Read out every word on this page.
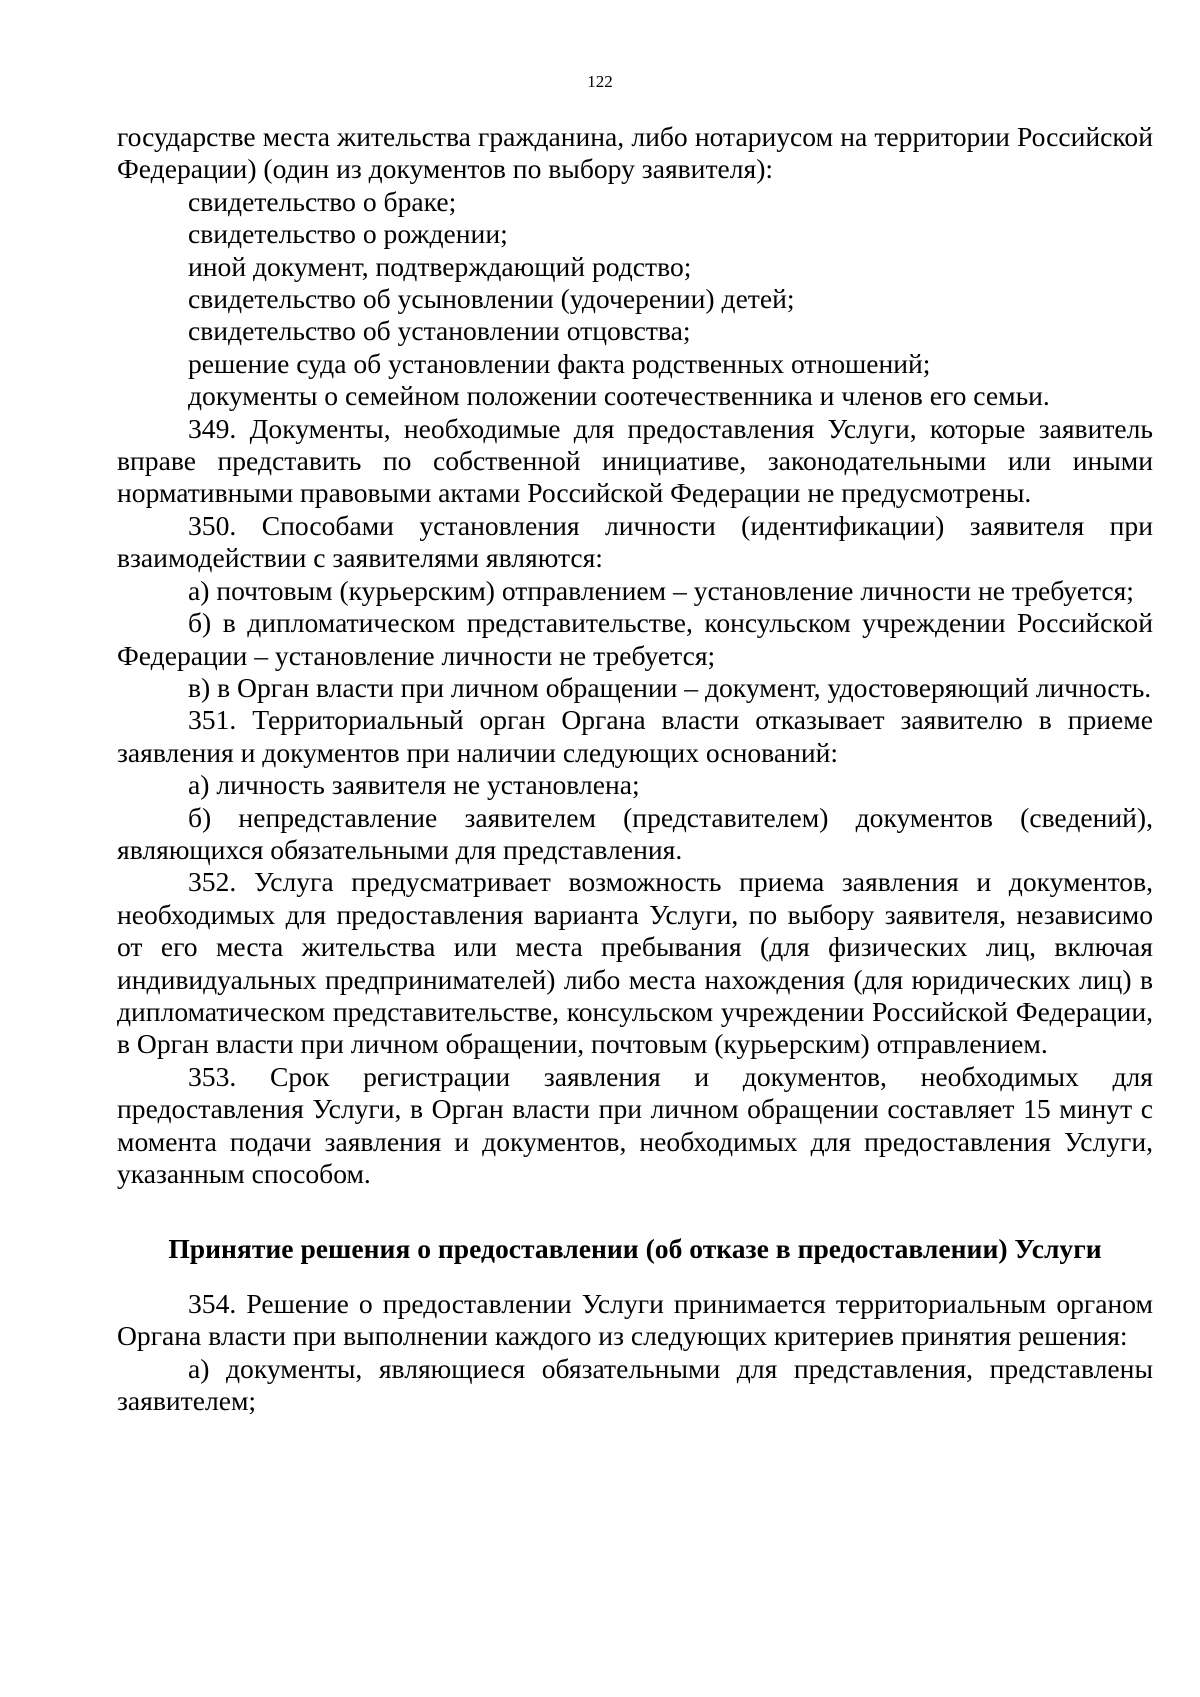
122

государстве места жительства гражданина, либо нотариусом на территории Российской Федерации) (один из документов по выбору заявителя):

свидетельство о браке;

свидетельство о рождении;

иной документ, подтверждающий родство;

свидетельство об усыновлении (удочерении) детей;

свидетельство об установлении отцовства;

решение суда об установлении факта родственных отношений;

документы о семейном положении соотечественника и членов его семьи.

349. Документы, необходимые для предоставления Услуги, которые заявитель вправе представить по собственной инициативе, законодательными или иными нормативными правовыми актами Российской Федерации не предусмотрены.

350. Способами установления личности (идентификации) заявителя при взаимодействии с заявителями являются:

а) почтовым (курьерским) отправлением – установление личности не требуется;

б) в дипломатическом представительстве, консульском учреждении Российской Федерации – установление личности не требуется;

в) в Орган власти при личном обращении – документ, удостоверяющий личность.

351. Территориальный орган Органа власти отказывает заявителю в приеме заявления и документов при наличии следующих оснований:

а) личность заявителя не установлена;

б) непредставление заявителем (представителем) документов (сведений), являющихся обязательными для представления.

352. Услуга предусматривает возможность приема заявления и документов, необходимых для предоставления варианта Услуги, по выбору заявителя, независимо от его места жительства или места пребывания (для физических лиц, включая индивидуальных предпринимателей) либо места нахождения (для юридических лиц) в дипломатическом представительстве, консульском учреждении Российской Федерации, в Орган власти при личном обращении, почтовым (курьерским) отправлением.

353. Срок регистрации заявления и документов, необходимых для предоставления Услуги, в Орган власти при личном обращении составляет 15 минут с момента подачи заявления и документов, необходимых для предоставления Услуги, указанным способом.

Принятие решения о предоставлении (об отказе в предоставлении) Услуги

354. Решение о предоставлении Услуги принимается территориальным органом Органа власти при выполнении каждого из следующих критериев принятия решения:

а) документы, являющиеся обязательными для представления, представлены заявителем;
